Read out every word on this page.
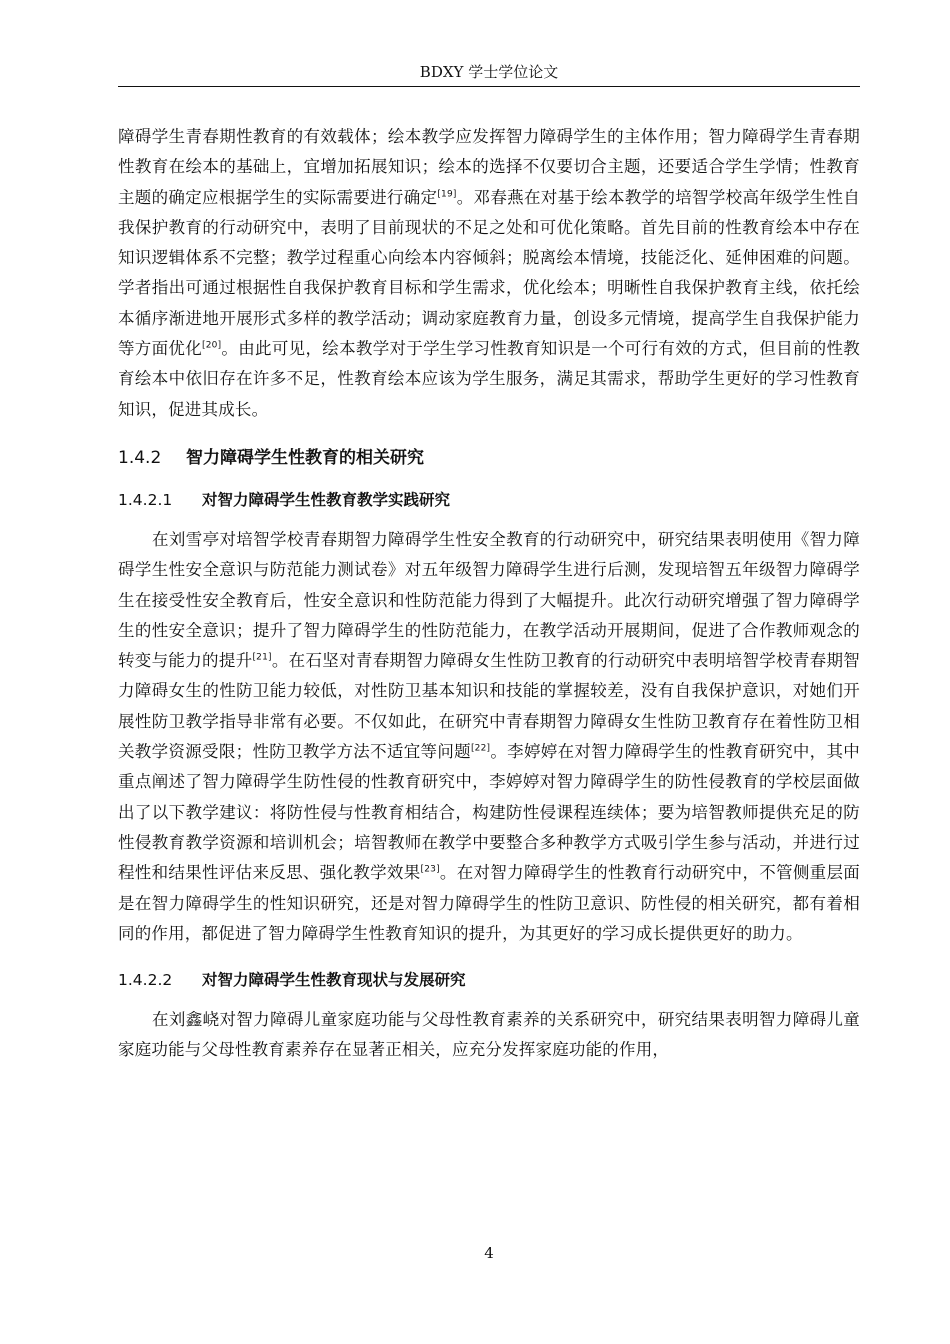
BDXY 学士学位论文

障碍学生青春期性教育的有效载体；绘本教学应发挥智力障碍学生的主体作用；智力障碍学生青春期性教育在绘本的基础上，宜增加拓展知识；绘本的选择不仅要切合主题，还要适合学生学情；性教育主题的确定应根据学生的实际需要进行确定[19]。邓春燕在对基于绘本教学的培智学校高年级学生性自我保护教育的行动研究中，表明了目前现状的不足之处和可优化策略。首先目前的性教育绘本中存在知识逻辑体系不完整；教学过程重心向绘本内容倾斜；脱离绘本情境，技能泛化、延伸困难的问题。学者指出可通过根据性自我保护教育目标和学生需求，优化绘本；明晰性自我保护教育主线，依托绘本循序渐进地开展形式多样的教学活动；调动家庭教育力量，创设多元情境，提高学生自我保护能力等方面优化[20]。由此可见，绘本教学对于学生学习性教育知识是一个可行有效的方式，但目前的性教育绘本中依旧存在许多不足，性教育绘本应该为学生服务，满足其需求，帮助学生更好的学习性教育知识，促进其成长。

1.4.2 智力障碍学生性教育的相关研究
1.4.2.1 对智力障碍学生性教育教学实践研究

在刘雪亭对培智学校青春期智力障碍学生性安全教育的行动研究中，研究结果表明使用《智力障碍学生性安全意识与防范能力测试卷》对五年级智力障碍学生进行后测，发现培智五年级智力障碍学生在接受性安全教育后，性安全意识和性防范能力得到了大幅提升。此次行动研究增强了智力障碍学生的性安全意识；提升了智力障碍学生的性防范能力，在教学活动开展期间，促进了合作教师观念的转变与能力的提升[21]。在石坚对青春期智力障碍女生性防卫教育的行动研究中表明培智学校青春期智力障碍女生的性防卫能力较低，对性防卫基本知识和技能的掌握较差，没有自我保护意识，对她们开展性防卫教学指导非常有必要。不仅如此，在研究中青春期智力障碍女生性防卫教育存在着性防卫相关教学资源受限；性防卫教学方法不适宜等问题[22]。李婷婷在对智力障碍学生的性教育研究中，其中重点阐述了智力障碍学生防性侵的性教育研究中，李婷婷对智力障碍学生的防性侵教育的学校层面做出了以下教学建议：将防性侵与性教育相结合，构建防性侵课程连续体；要为培智教师提供充足的防性侵教育教学资源和培训机会；培智教师在教学中要整合多种教学方式吸引学生参与活动，并进行过程性和结果性评估来反思、强化教学效果[23]。在对智力障碍学生的性教育行动研究中，不管侧重层面是在智力障碍学生的性知识研究，还是对智力障碍学生的性防卫意识、防性侵的相关研究，都有着相同的作用，都促进了智力障碍学生性教育知识的提升，为其更好的学习成长提供更好的助力。

1.4.2.2 对智力障碍学生性教育现状与发展研究

在刘鑫峣对智力障碍儿童家庭功能与父母性教育素养的关系研究中，研究结果表明智力障碍儿童家庭功能与父母性教育素养存在显著正相关，应充分发挥家庭功能的作用，

4
